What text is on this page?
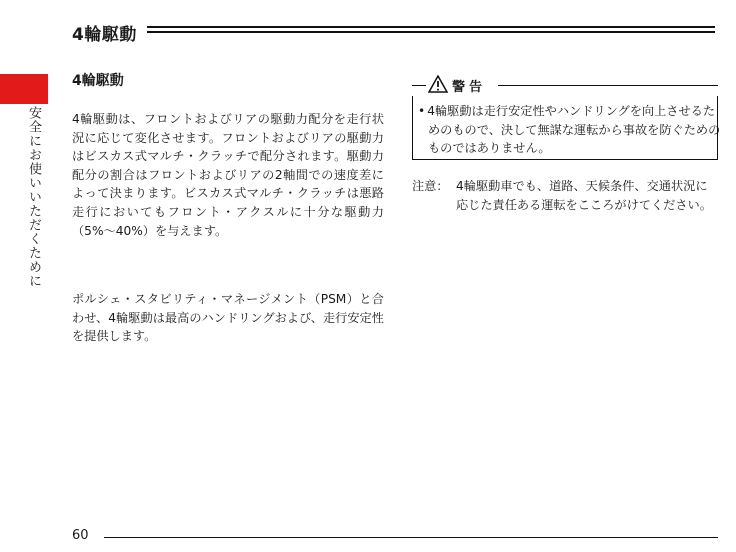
4輪駆動
安全にお使いいただくために
4輪駆動

4輪駆動は、フロントおよびリアの駆動力配分を走行状況に応じて変化させます。フロントおよびリアの駆動力はビスカス式マルチ・クラッチで配分されます。駆動力配分の割合はフロントおよびリアの2軸間での速度差によって決まります。ビスカス式マルチ・クラッチは悪路走行においてもフロント・アクスルに十分な駆動力（5%〜40%）を与えます。

ポルシェ・スタビリティ・マネージメント（PSM）と合わせ、4輪駆動は最高のハンドリングおよび、走行安定性を提供します。

警告

• 4輪駆動は走行安定性やハンドリングを向上させるためのもので、決して無謀な運転から事故を防ぐためのものではありません。

注意： 4輪駆動車でも、道路、天候条件、交通状況に応じた責任ある運転をこころがけてください。

60
